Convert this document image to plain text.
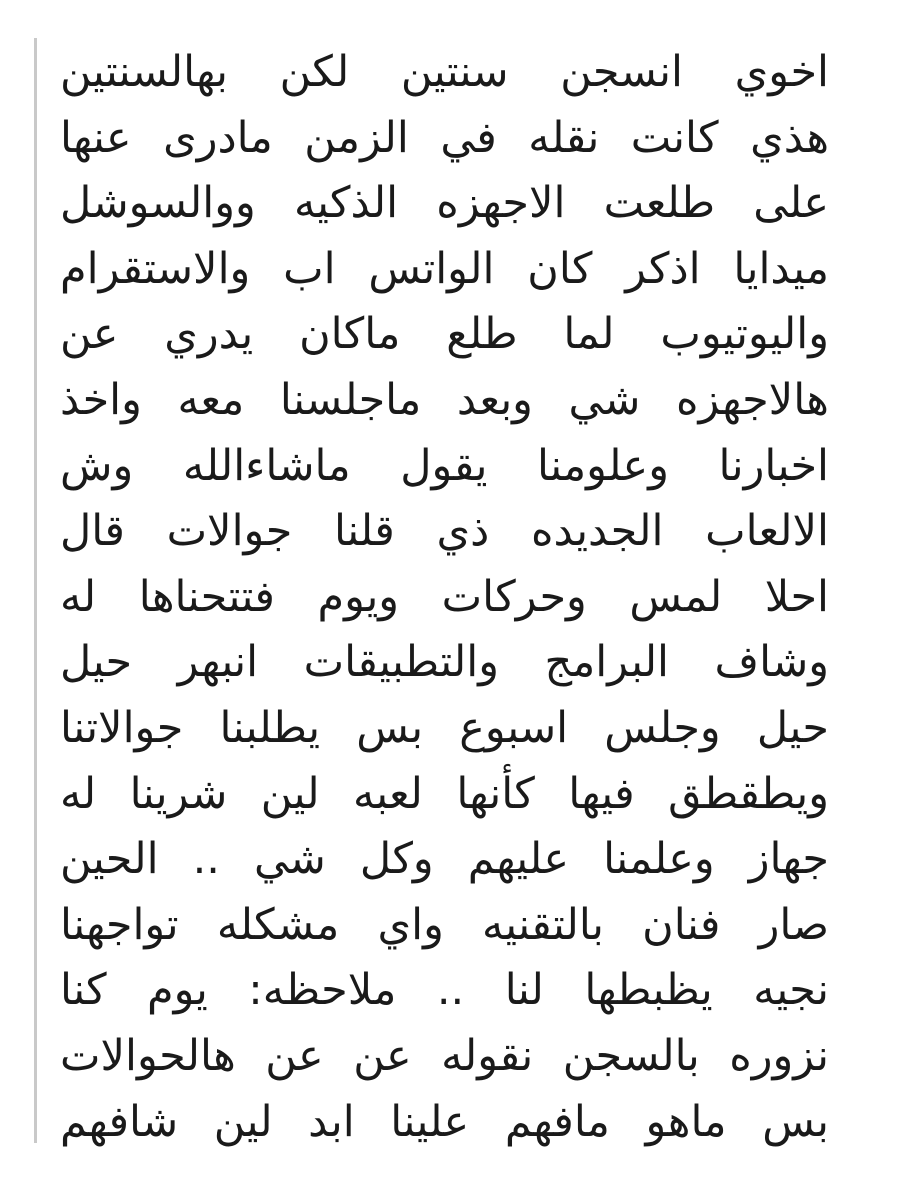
اخوي انسجن سنتين لكن بهالسنتين
هذي كانت نقله في الزمن مادرى عنها
على طلعت الاجهزه الذكيه ووالسوشل
ميدايا اذكر كان الواتس اب والاستقرام
واليوتيوب لما طلع ماكان يدري عن
هالاجهزه شي وبعد ماجلسنا معه واخذ
اخبارنا وعلومنا يقول ماشاءالله وش
الالعاب الجديده ذي قلنا جوالات قال
احلا لمس وحركات ويوم فتتحناها له
وشاف البرامج والتطبيقات انبهر حيل
حيل وجلس اسبوع بس يطلبنا جوالاتنا
ويطقطق فيها كأنها لعبه لين شرينا له
جهاز وعلمنا عليهم وكل شي .. الحين
صار فنان بالتقنيه واي مشكله تواجهنا
نجيه يظبطها لنا .. ملاحظه: يوم كنا
نزوره بالسجن نقوله عن عن هالحوالات
بس ماهو مافهم علينا ابد لين شافهم
